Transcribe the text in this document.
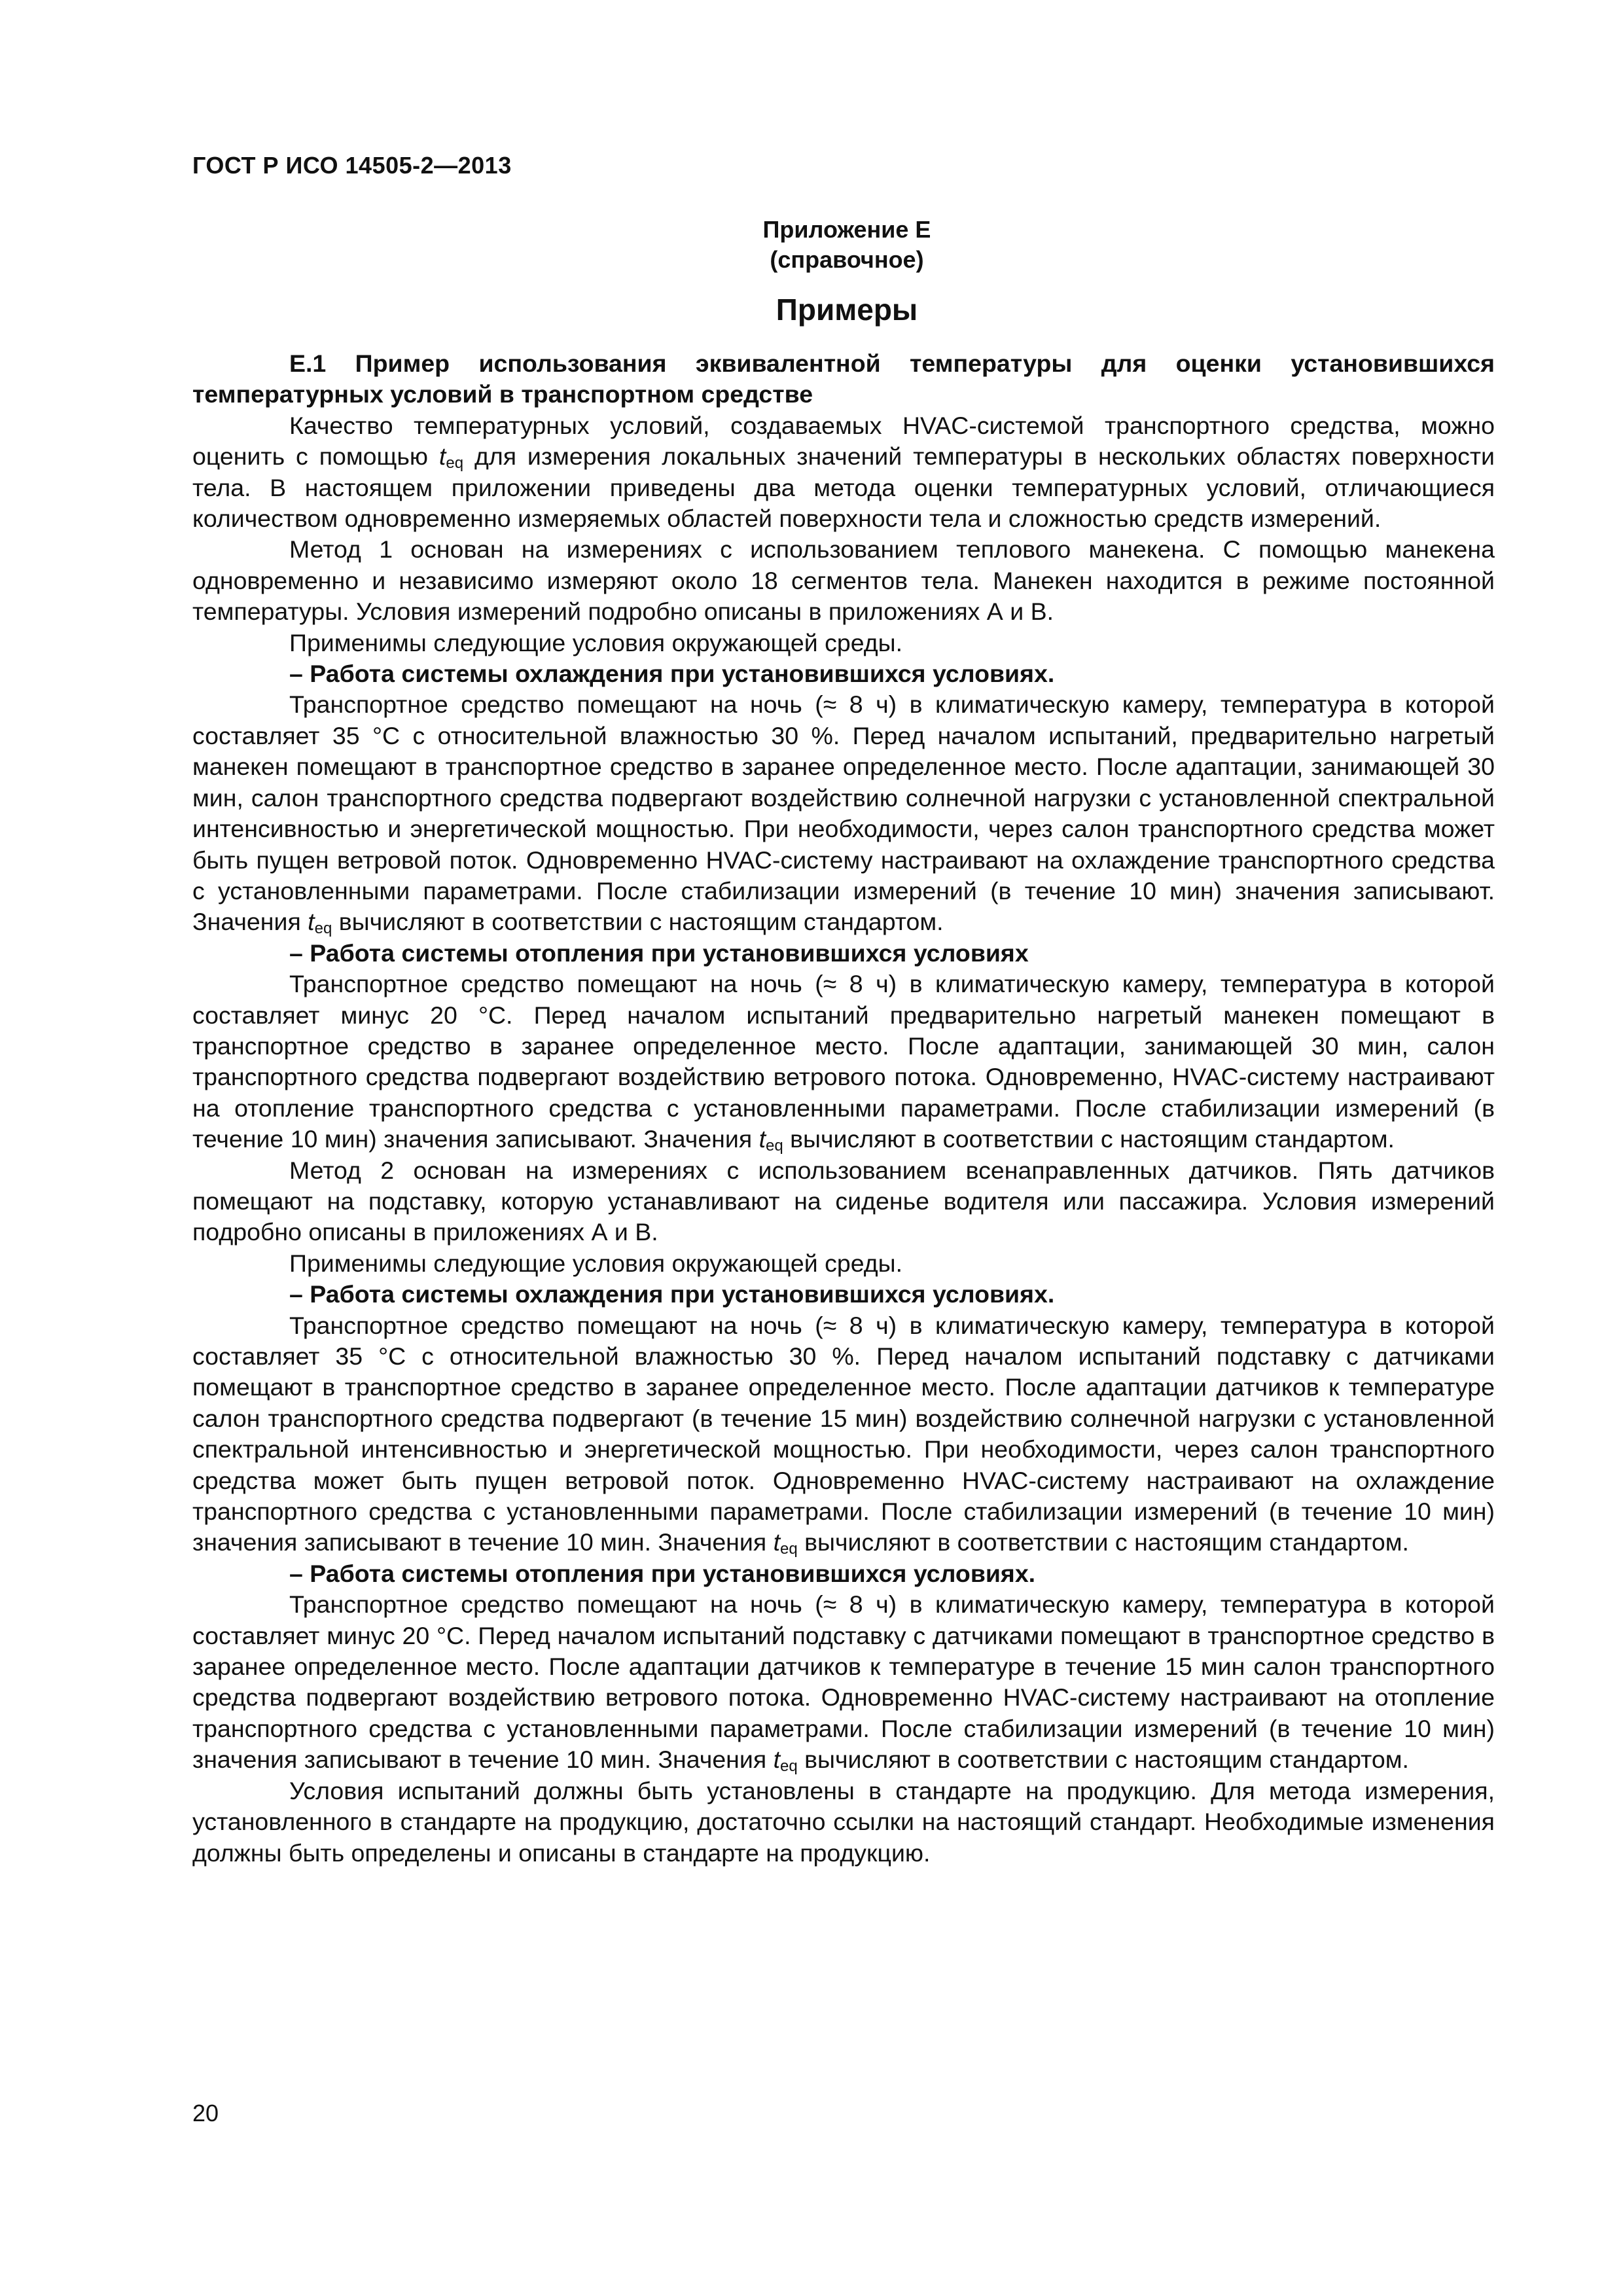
ГОСТ Р ИСО 14505-2—2013
Приложение Е
(справочное)
Примеры

Е.1 Пример использования эквивалентной температуры для оценки установившихся температурных условий в транспортном средстве

Качество температурных условий, создаваемых HVAC-системой транспортного средства, можно оценить с помощью $t_{eq}$ для измерения локальных значений температуры в нескольких областях поверхности тела. В настоящем приложении приведены два метода оценки температурных условий, отличающиеся количеством одновременно измеряемых областей поверхности тела и сложностью средств измерений.

Метод 1 основан на измерениях с использованием теплового манекена. С помощью манекена одновременно и независимо измеряют около 18 сегментов тела. Манекен находится в режиме постоянной температуры. Условия измерений подробно описаны в приложениях А и В.

Применимы следующие условия окружающей среды.

– Работа системы охлаждения при установившихся условиях.

Транспортное средство помещают на ночь (≈ 8 ч) в климатическую камеру, температура в которой составляет 35 °С с относительной влажностью 30 %. Перед началом испытаний, предварительно нагретый манекен помещают в транспортное средство в заранее определенное место. После адаптации, занимающей 30 мин, салон транспортного средства подвергают воздействию солнечной нагрузки с установленной спектральной интенсивностью и энергетической мощностью. При необходимости, через салон транспортного средства может быть пущен ветровой поток. Одновременно HVAC-систему настраивают на охлаждение транспортного средства с установленными параметрами. После стабилизации измерений (в течение 10 мин) значения записывают. Значения $t_{eq}$ вычисляют в соответствии с настоящим стандартом.

– Работа системы отопления при установившихся условиях

Транспортное средство помещают на ночь (≈ 8 ч) в климатическую камеру, температура в которой составляет минус 20 °С. Перед началом испытаний предварительно нагретый манекен помещают в транспортное средство в заранее определенное место. После адаптации, занимающей 30 мин, салон транспортного средства подвергают воздействию ветрового потока. Одновременно, HVAC-систему настраивают на отопление транспортного средства с установленными параметрами. После стабилизации измерений (в течение 10 мин) значения записывают. Значения $t_{eq}$ вычисляют в соответствии с настоящим стандартом.

Метод 2 основан на измерениях с использованием всенаправленных датчиков. Пять датчиков помещают на подставку, которую устанавливают на сиденье водителя или пассажира. Условия измерений подробно описаны в приложениях А и В.

Применимы следующие условия окружающей среды.

– Работа системы охлаждения при установившихся условиях.

Транспортное средство помещают на ночь (≈ 8 ч) в климатическую камеру, температура в которой составляет 35 °С с относительной влажностью 30 %. Перед началом испытаний подставку с датчиками помещают в транспортное средство в заранее определенное место. После адаптации датчиков к температуре салон транспортного средства подвергают (в течение 15 мин) воздействию солнечной нагрузки с установленной спектральной интенсивностью и энергетической мощностью. При необходимости, через салон транспортного средства может быть пущен ветровой поток. Одновременно HVAC-систему настраивают на охлаждение транспортного средства с установленными параметрами. После стабилизации измерений (в течение 10 мин) значения записывают в течение 10 мин. Значения $t_{eq}$ вычисляют в соответствии с настоящим стандартом.

– Работа системы отопления при установившихся условиях.

Транспортное средство помещают на ночь (≈ 8 ч) в климатическую камеру, температура в которой составляет минус 20 °С. Перед началом испытаний подставку с датчиками помещают в транспортное средство в заранее определенное место. После адаптации датчиков к температуре в течение 15 мин салон транспортного средства подвергают воздействию ветрового потока. Одновременно HVAC-систему настраивают на отопление транспортного средства с установленными параметрами. После стабилизации измерений (в течение 10 мин) значения записывают в течение 10 мин. Значения $t_{eq}$ вычисляют в соответствии с настоящим стандартом.

Условия испытаний должны быть установлены в стандарте на продукцию. Для метода измерения, установленного в стандарте на продукцию, достаточно ссылки на настоящий стандарт. Необходимые изменения должны быть определены и описаны в стандарте на продукцию.

20
